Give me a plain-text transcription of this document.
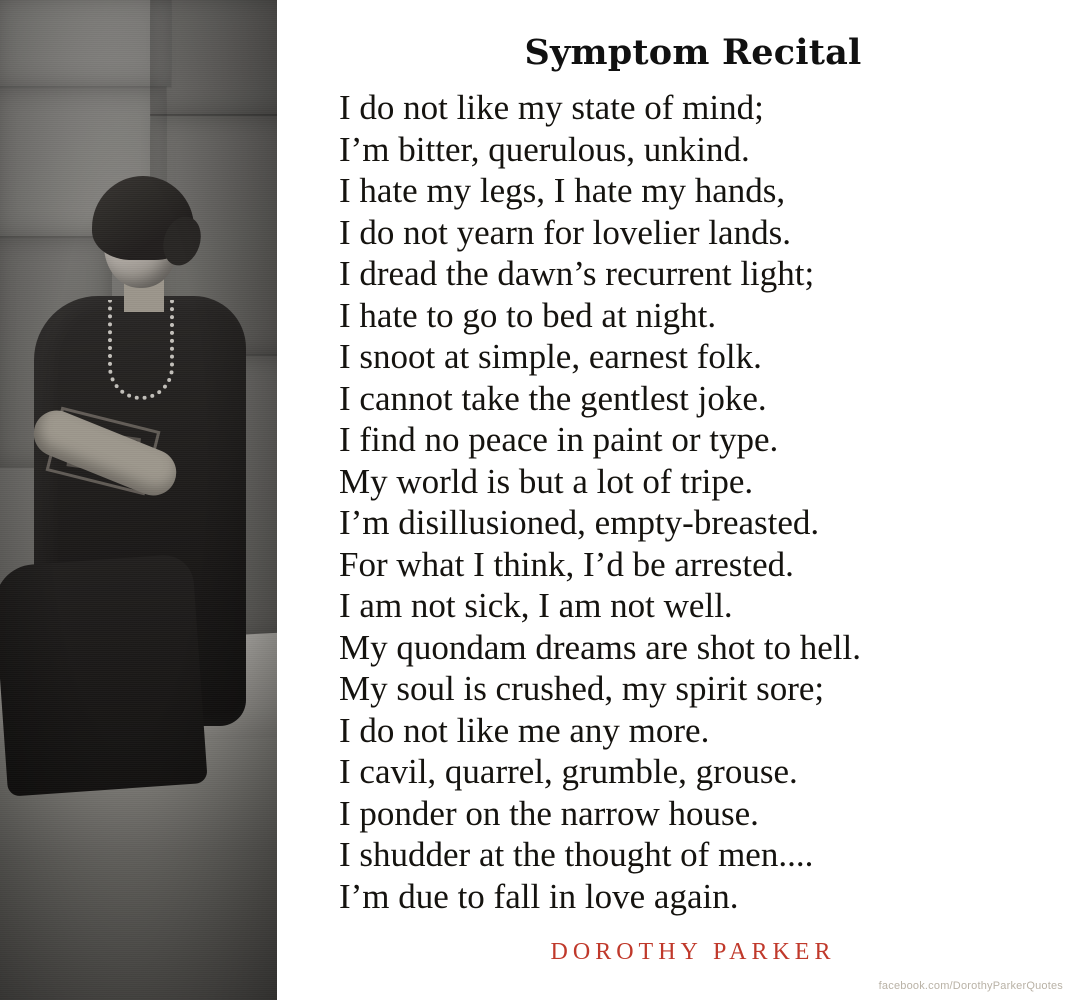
Symptom Recital
I do not like my state of mind;
I’m bitter, querulous, unkind.
I hate my legs, I hate my hands,
I do not yearn for lovelier lands.
I dread the dawn’s recurrent light;
I hate to go to bed at night.
I snoot at simple, earnest folk.
I cannot take the gentlest joke.
I find no peace in paint or type.
My world is but a lot of tripe.
I’m disillusioned, empty-breasted.
For what I think, I’d be arrested.
I am not sick, I am not well.
My quondam dreams are shot to hell.
My soul is crushed, my spirit sore;
I do not like me any more.
I cavil, quarrel, grumble, grouse.
I ponder on the narrow house.
I shudder at the thought of men....
I’m due to fall in love again.
DOROTHY PARKER
facebook.com/DorothyParkerQuotes
